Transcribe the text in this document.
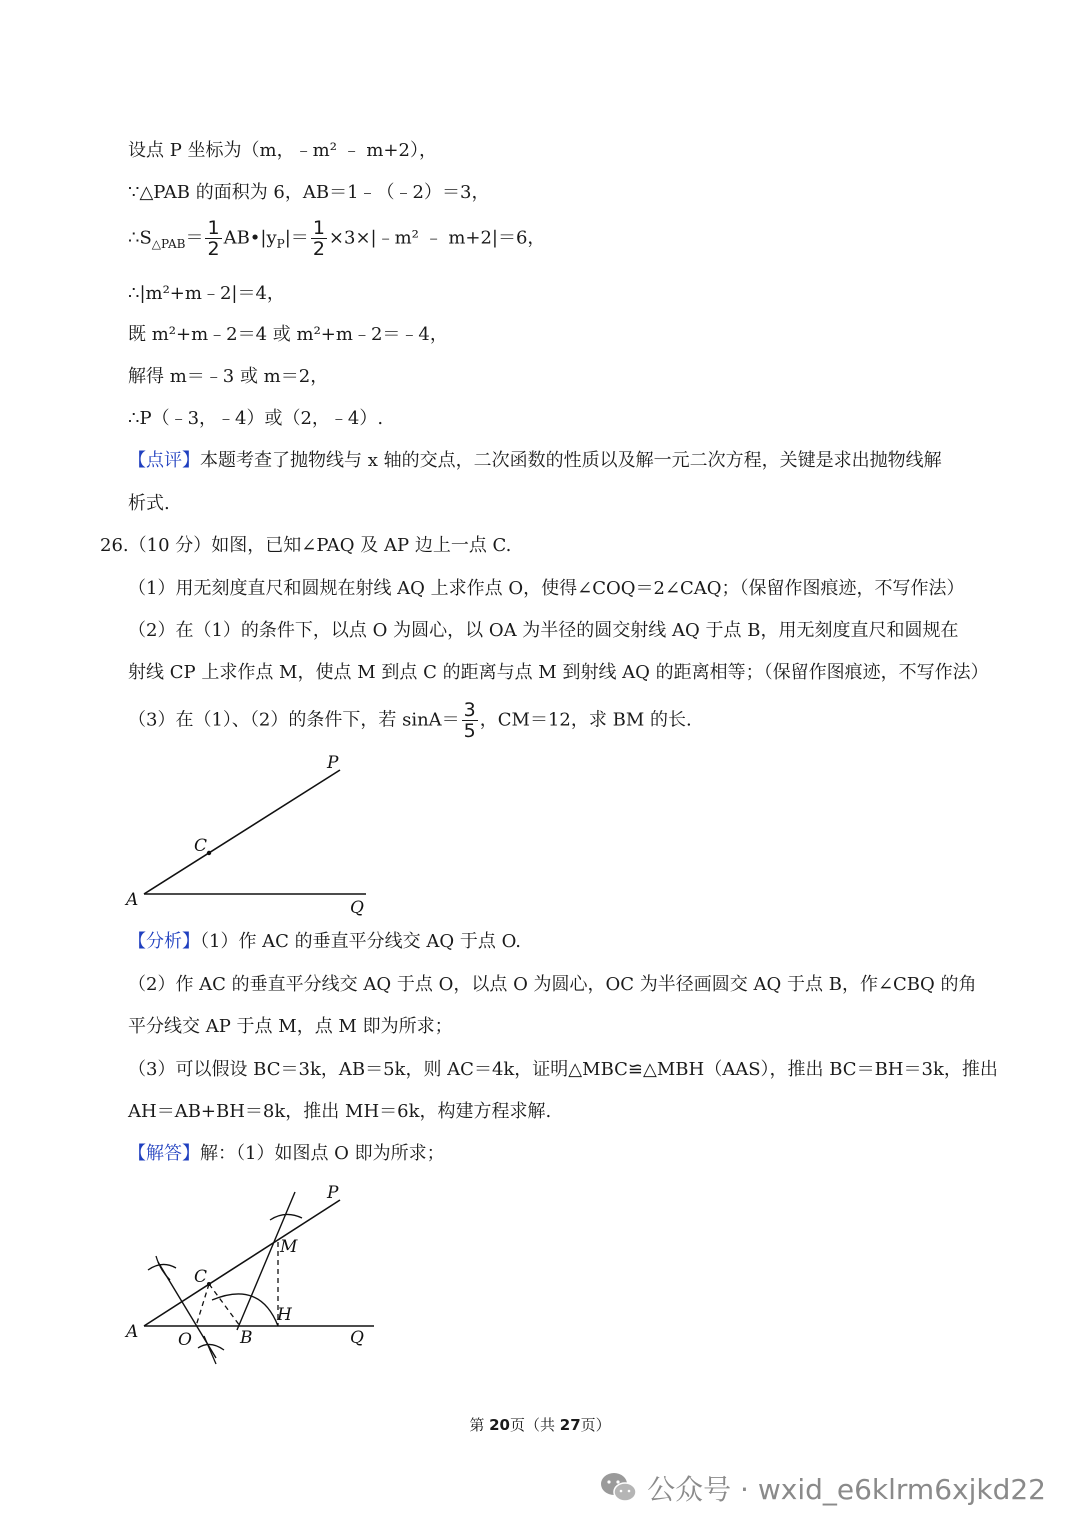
设点 P 坐标为（m，﹣m² ﹣ m+2），
∵△PAB 的面积为 6，AB＝1﹣（﹣2）＝3，
$\therefore S_{\triangle PAB}= \frac{1}{2}$ $AB•|y_P|= \frac{1}{2}$ ×3×|﹣m² ﹣ m+2|＝6，
∴|m²+m﹣2|＝4，
既 m²+m﹣2＝4 或 m²+m﹣2＝﹣4，
解得 m＝﹣3 或 m＝2，
∴P（﹣3，﹣4）或（2，﹣4）.
【点评】本题考查了抛物线与 x 轴的交点，二次函数的性质以及解一元二次方程，关键是求出抛物线解
析式.
26.（10 分）如图，已知∠PAQ 及 AP 边上一点 C.
（1）用无刻度直尺和圆规在射线 AQ 上求作点 O，使得∠COQ＝2∠CAQ；（保留作图痕迹，不写作法）
（2）在（1）的条件下，以点 O 为圆心，以 OA 为半径的圆交射线 AQ 于点 B，用无刻度直尺和圆规在
射线 CP 上求作点 M，使点 M 到点 C 的距离与点 M 到射线 AQ 的距离相等；（保留作图痕迹，不写作法）
（3）在（1）、（2）的条件下，若 $\sin A= \frac{3}{5}$ ，CM＝12，求 BM 的长.
P
C
A	Q
【分析】（1）作 AC 的垂直平分线交 AQ 于点 O.
（2）作 AC 的垂直平分线交 AQ 于点 O，以点 O 为圆心，OC 为半径画圆交 AQ 于点 B，作∠CBQ 的角
平分线交 AP 于点 M，点 M 即为所求；
（3）可以假设 BC＝3k，AB＝5k，则 AC＝4k，证明△MBC≌△MBH（AAS），推出 BC＝BH＝3k，推出
AH＝AB+BH＝8k，推出 MH＝6k，构建方程求解.
【解答】解：（1）如图点 O 即为所求；
P
M
C
H
A O	B	Q
第 20页（共 27页）
公众号 · wxid_e6klrm6xjkd22
